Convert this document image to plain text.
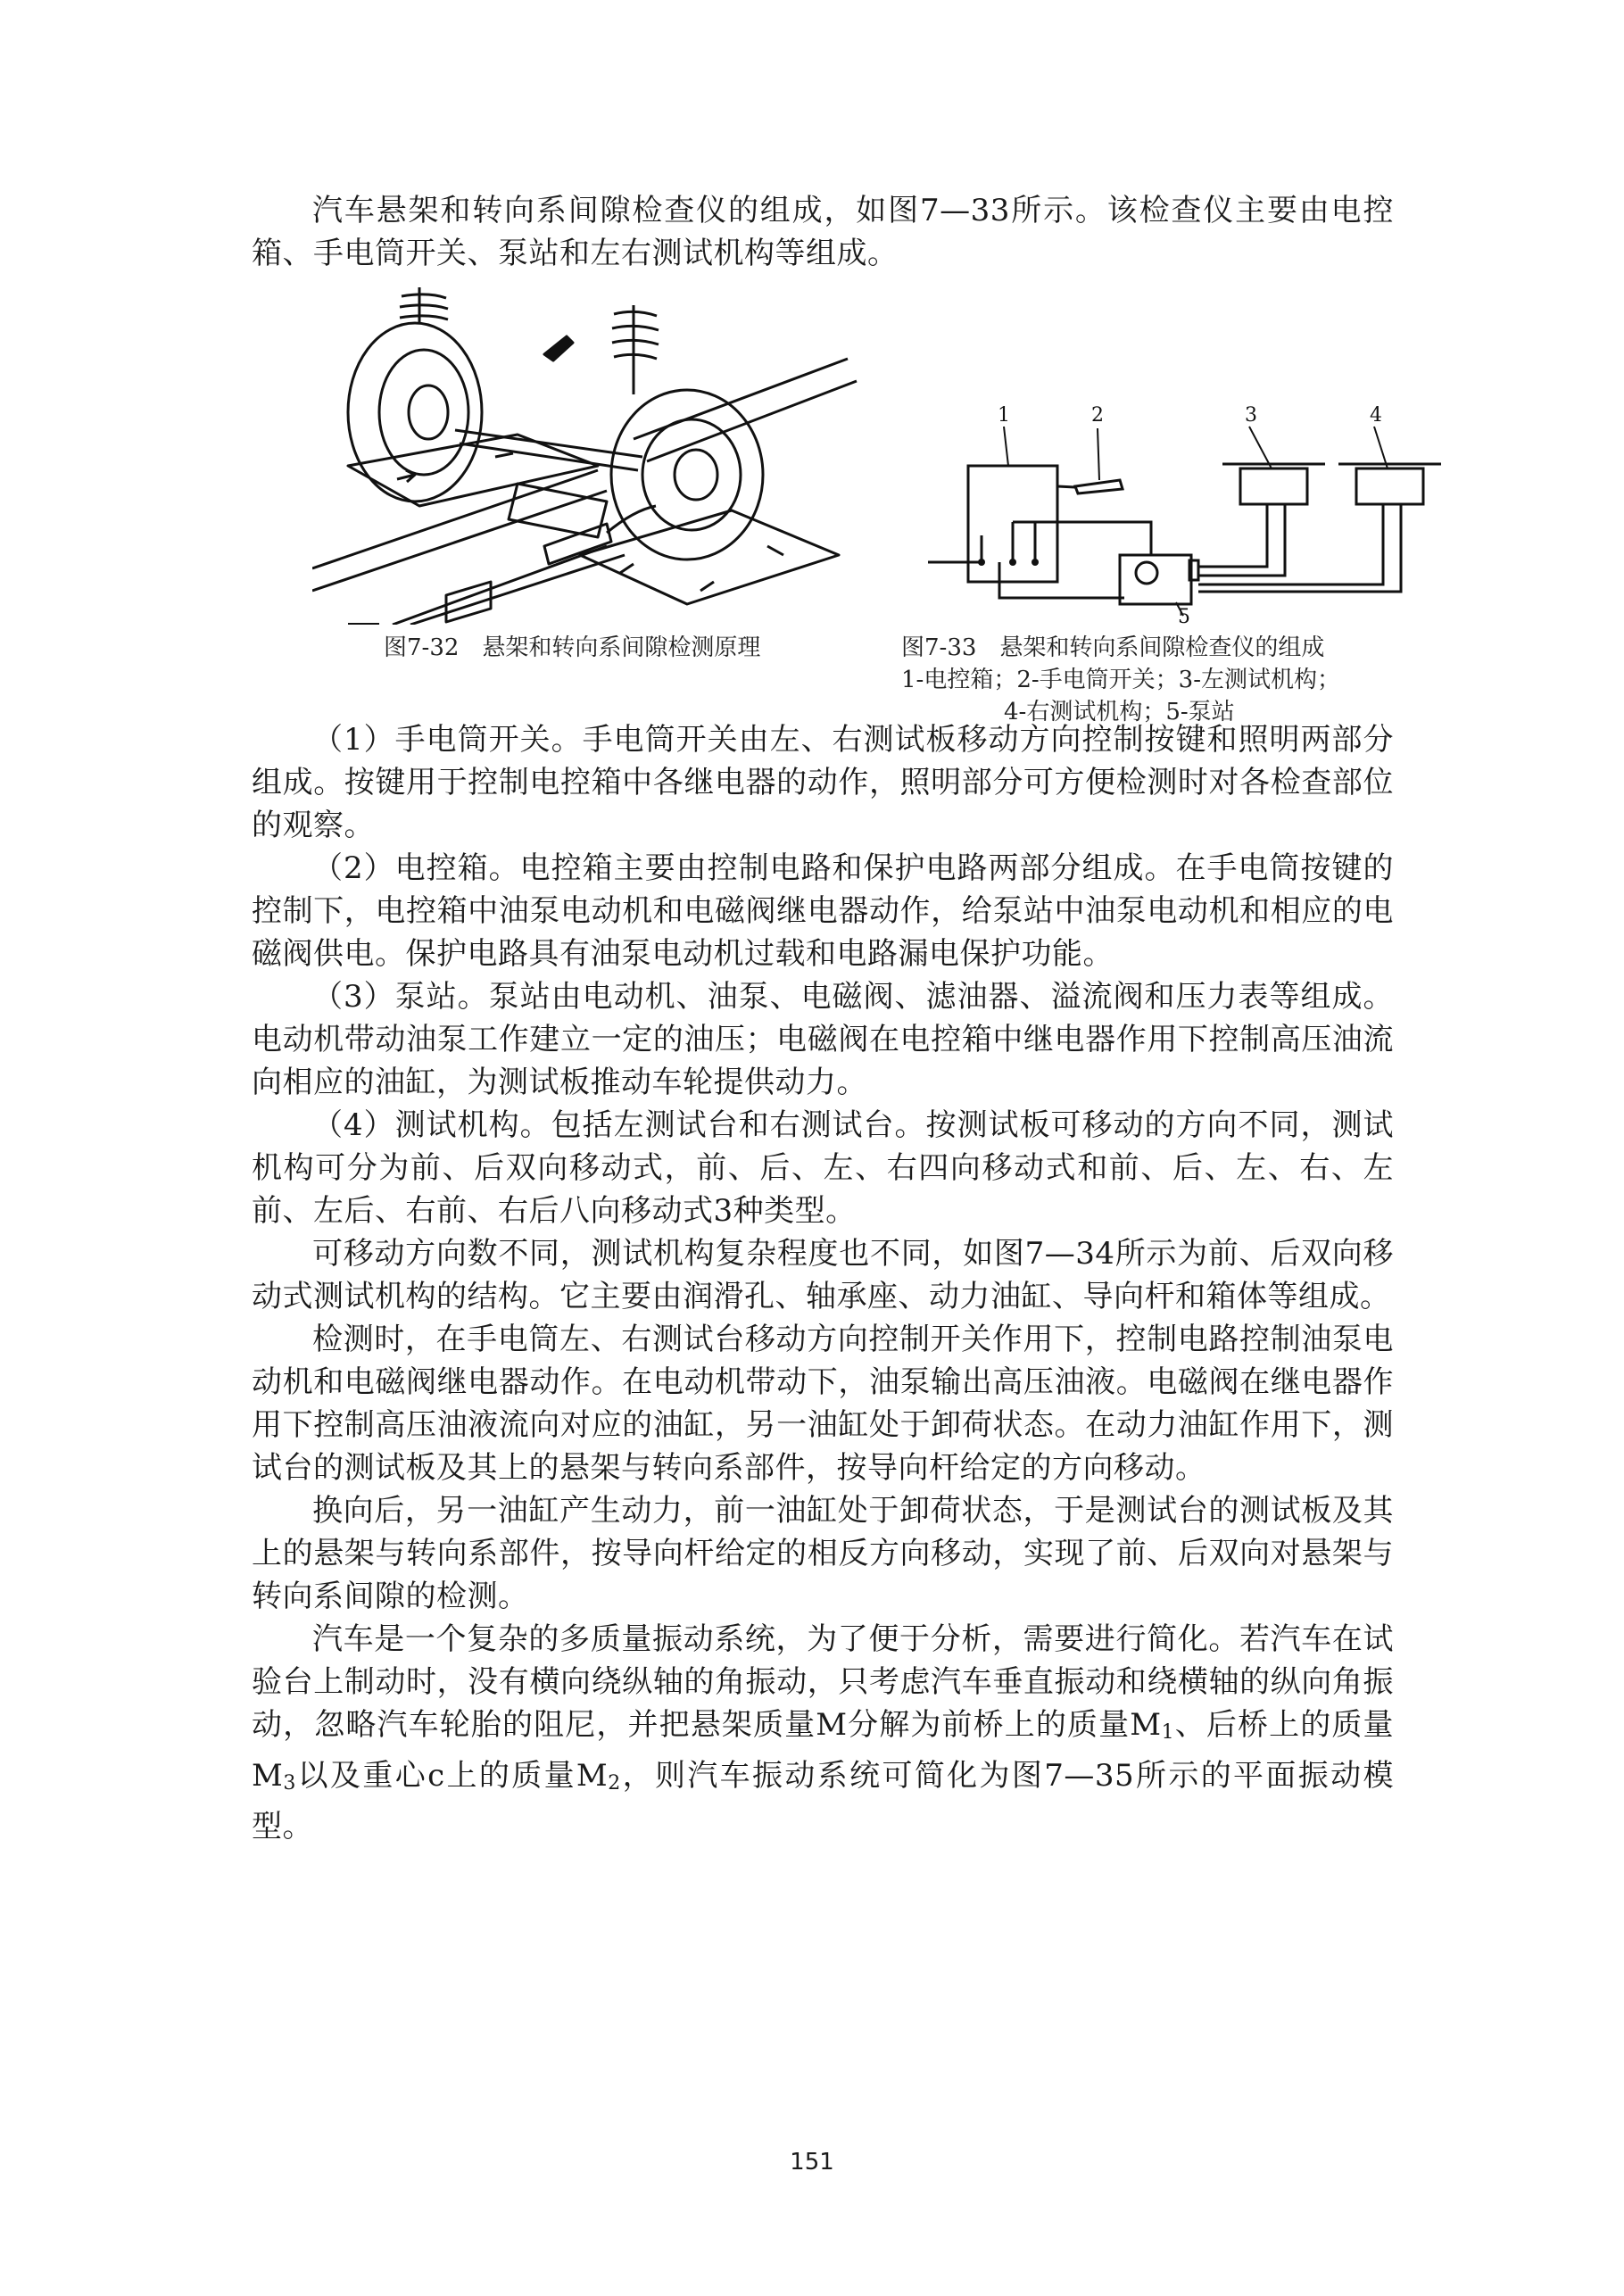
汽车悬架和转向系间隙检查仪的组成，如图7—33所示。该检查仪主要由电控箱、手电筒开关、泵站和左右测试机构等组成。

1	2	3	4
5
图7-32　悬架和转向系间隙检测原理	图7-33　悬架和转向系间隙检查仪的组成
1-电控箱；2-手电筒开关；3-左测试机构；
4-右测试机构；5-泵站

（1）手电筒开关。手电筒开关由左、右测试板移动方向控制按键和照明两部分组成。按键用于控制电控箱中各继电器的动作，照明部分可方便检测时对各检查部位的观察。

（2）电控箱。电控箱主要由控制电路和保护电路两部分组成。在手电筒按键的控制下，电控箱中油泵电动机和电磁阀继电器动作，给泵站中油泵电动机和相应的电磁阀供电。保护电路具有油泵电动机过载和电路漏电保护功能。

（3）泵站。泵站由电动机、油泵、电磁阀、滤油器、溢流阀和压力表等组成。电动机带动油泵工作建立一定的油压；电磁阀在电控箱中继电器作用下控制高压油流向相应的油缸，为测试板推动车轮提供动力。

（4）测试机构。包括左测试台和右测试台。按测试板可移动的方向不同，测试机构可分为前、后双向移动式，前、后、左、右四向移动式和前、后、左、右、左前、左后、右前、右后八向移动式3种类型。

可移动方向数不同，测试机构复杂程度也不同，如图7—34所示为前、后双向移动式测试机构的结构。它主要由润滑孔、轴承座、动力油缸、导向杆和箱体等组成。

检测时，在手电筒左、右测试台移动方向控制开关作用下，控制电路控制油泵电动机和电磁阀继电器动作。在电动机带动下，油泵输出高压油液。电磁阀在继电器作用下控制高压油液流向对应的油缸，另一油缸处于卸荷状态。在动力油缸作用下，测试台的测试板及其上的悬架与转向系部件，按导向杆给定的方向移动。

换向后，另一油缸产生动力，前一油缸处于卸荷状态，于是测试台的测试板及其上的悬架与转向系部件，按导向杆给定的相反方向移动，实现了前、后双向对悬架与转向系间隙的检测。

汽车是一个复杂的多质量振动系统，为了便于分析，需要进行简化。若汽车在试验台上制动时，没有横向绕纵轴的角振动，只考虑汽车垂直振动和绕横轴的纵向角振动，忽略汽车轮胎的阻尼，并把悬架质量M分解为前桥上的质量$M_1$、后桥上的质量$M_3$以及重心c上的质量$M_2$，则汽车振动系统可简化为图7—35所示的平面振动模型。

151
